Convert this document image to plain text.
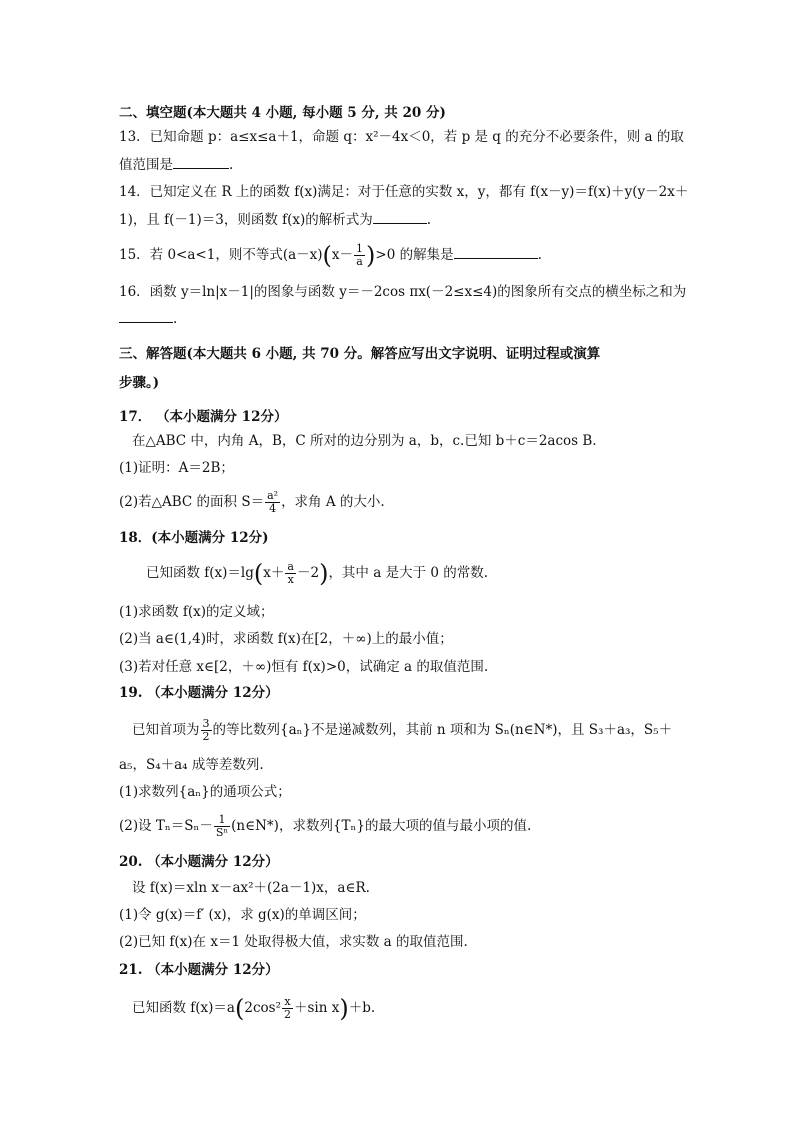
二、填空题(本大题共 4 小题, 每小题 5 分, 共 20 分)
13．已知命题 p：a≤x≤a＋1，命题 q：x²－4x＜0，若 p 是 q 的充分不必要条件，则 a 的取
值范围是	.
14．已知定义在 R 上的函数 f(x)满足：对于任意的实数 x，y，都有 f(x－y)＝f(x)＋y(y－2x＋
1)，且 f(－1)＝3，则函数 f(x)的解析式为	.
15．若 0<a<1，则不等式$(a-x)(x- \frac{1}{a} )>0$ 的解集是	.
16．函数 y＝ln|x－1|的图象与函数 y＝－2cos πx(－2≤x≤4)的图象所有交点的横坐标之和为
.
三、解答题(本大题共 6 小题, 共 70 分。解答应写出文字说明、证明过程或演算
步骤。)
17． （本小题满分 12分）
在△ABC 中，内角 A，B，C 所对的边分别为 a，b，c.已知 b＋c＝2acos B.
(1)证明：A＝2B；
(2)若△ABC 的面积 $S= \frac{\text{a²}}{4}$ ，求角 A 的大小.
18．(本小题满分 12分)
已知函数 $f(x)=\lg(x+ \frac{a}{x} -2)$，其中 a 是大于 0 的常数.
(1)求函数 f(x)的定义域；
(2)当 a∈(1,4)时，求函数 f(x)在[2，＋∞)上的最小值；
(3)若对任意 x∈[2，＋∞)恒有 f(x)>0，试确定 a 的取值范围.
19. （本小题满分 12分）
已知首项为 $\frac{3}{2}$ 的等比数列{aₙ}不是递减数列，其前 n 项和为 Sₙ(n∈N*)，且 S₃＋a₃，S₅＋
a₅，S₄＋a₄ 成等差数列.
(1)求数列{aₙ}的通项公式；
(2)设 $T_n=S_n- \frac{1}{\text{Sⁿ}}$ (n∈N*)，求数列{Tₙ}的最大项的值与最小项的值.
20. （本小题满分 12分）
设 f(x)＝xln x－ax²＋(2a－1)x，a∈R.
(1)令 g(x)＝f′ (x)，求 g(x)的单调区间；
(2)已知 f(x)在 x＝1 处取得极大值，求实数 a 的取值范围.
21. （本小题满分 12分）
已知函数 $f(x)=a(2\cos^2 \frac{x}{2} +\sin$ x)＋b.
